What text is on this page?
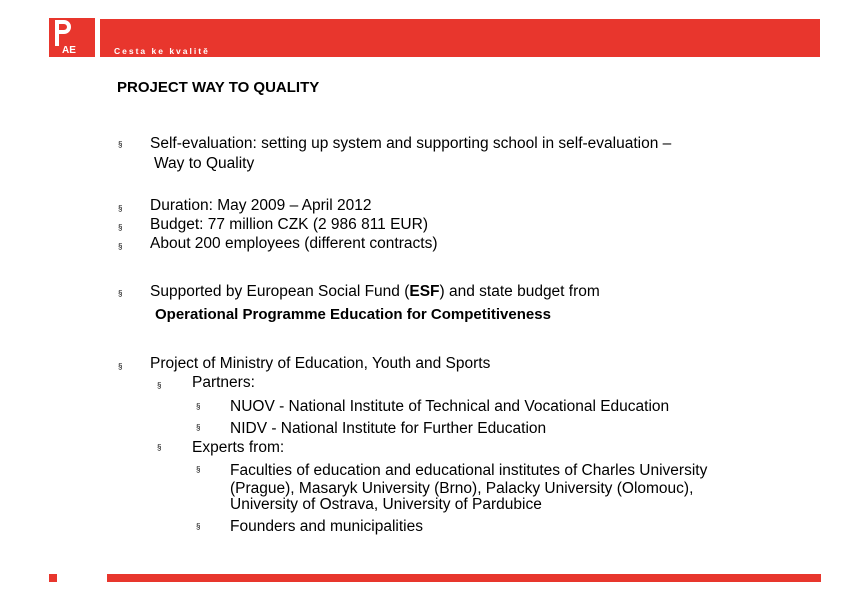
AE	Cesta ke kvalitě
PROJECT WAY TO QUALITY
§ Self-evaluation: setting up system and supporting school in self-evaluation –
Way to Quality
§ Duration: May 2009 – April 2012
§ Budget: 77 million CZK (2 986 811 EUR)
§ About 200 employees (different contracts)
§ Supported by European Social Fund (ESF) and state budget from
Operational Programme Education for Competitiveness
§ Project of Ministry of Education, Youth and Sports
§ Partners:
§ NUOV - National Institute of Technical and Vocational Education
§ NIDV - National Institute for Further Education
§ Experts from:
§ Faculties of education and educational institutes of Charles University
(Prague), Masaryk University (Brno), Palacky University (Olomouc),
University of Ostrava, University of Pardubice
§ Founders and municipalities
